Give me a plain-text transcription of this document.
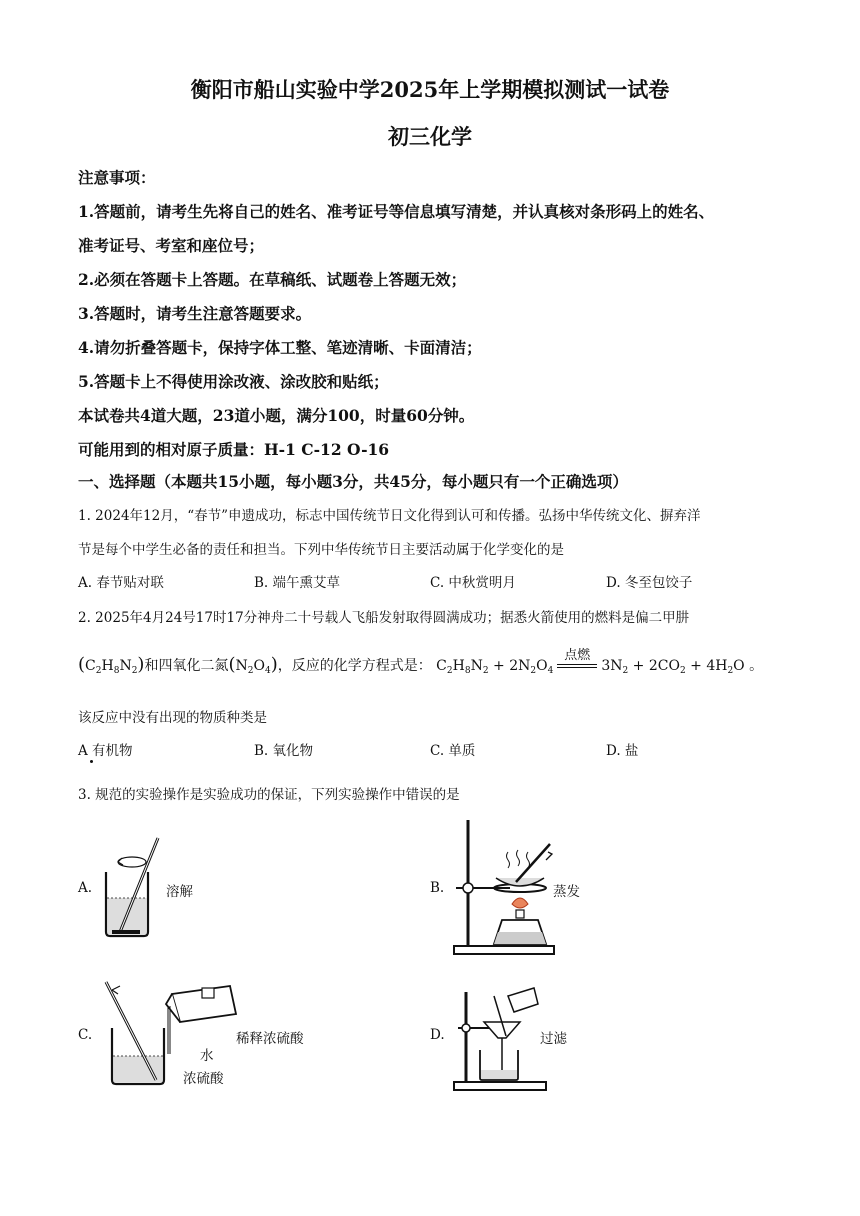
衡阳市船山实验中学2025年上学期模拟测试一试卷
初三化学
注意事项：
1.答题前，请考生先将自己的姓名、准考证号等信息填写清楚，并认真核对条形码上的姓名、
准考证号、考室和座位号；
2.必须在答题卡上答题。在草稿纸、试题卷上答题无效；
3.答题时，请考生注意答题要求。
4.请勿折叠答题卡，保持字体工整、笔迹清晰、卡面清洁；
5.答题卡上不得使用涂改液、涂改胶和贴纸；
本试卷共4道大题，23道小题，满分100，时量60分钟。
可能用到的相对原子质量：H-1 C-12 O-16
一、选择题（本题共15小题，每小题3分，共45分，每小题只有一个正确选项）
1. 2024年12月，“春节”申遗成功，标志中国传统节日文化得到认可和传播。弘扬中华传统文化、摒弃洋
节是每个中学生必备的责任和担当。下列中华传统节日主要活动属于化学变化的是
A. 春节贴对联	B. 端午熏艾草	C. 中秋赏明月	D. 冬至包饺子
2. 2025年4月24号17时17分神舟二十号载人飞船发射取得圆满成功；据悉火箭使用的燃料是偏二甲肼
$(C_2H_8N_2)$和四氧化二氮$(N_2O_4)$，反应的化学方程式是： $C_2H_8N_2 + 2N_2O_4$
点燃
$3N_2 + 2CO_2 + 4H_2O$ 。
该反应中没有出现的物质种类是
A 有机物	B. 氧化物	C. 单质	D. 盐
3. 规范的实验操作是实验成功的保证，下列实验操作中错误的是
A.	溶解	B.	蒸发
C.
水
浓硫酸
稀释浓硫酸	D.	过滤
